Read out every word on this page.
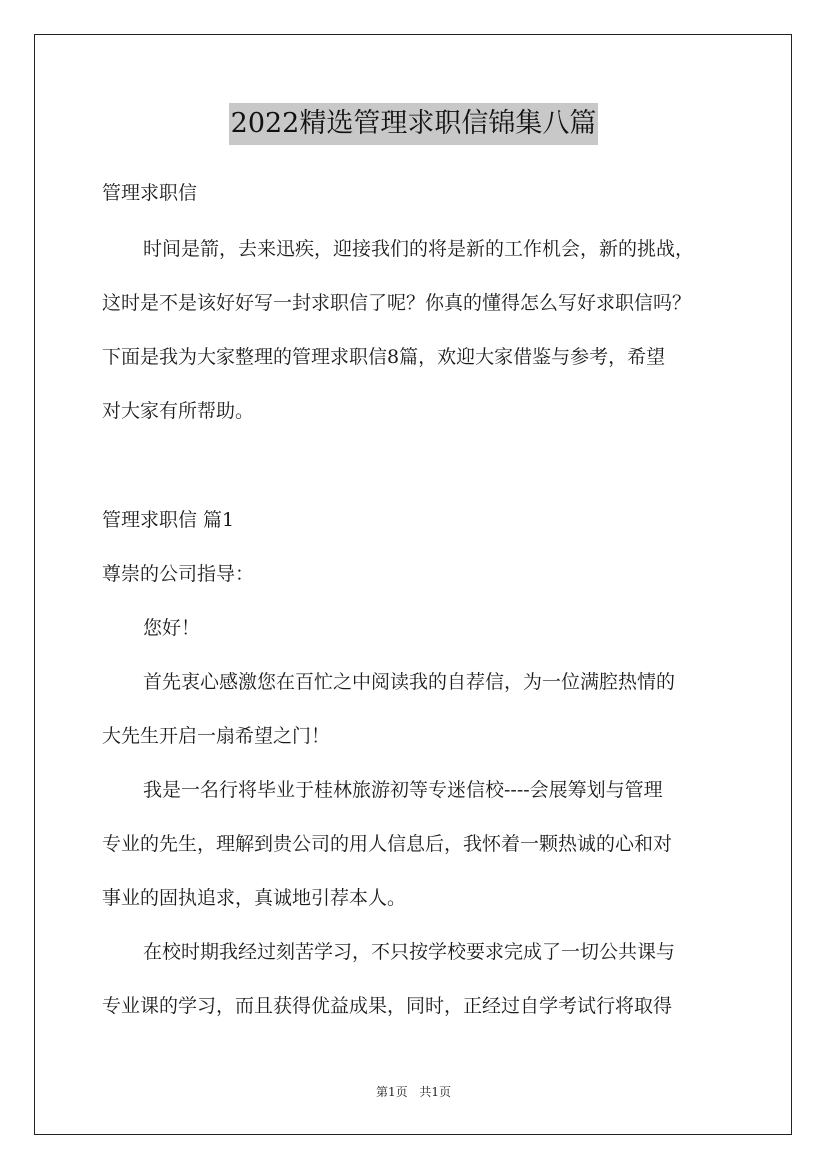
2022精选管理求职信锦集八篇
管理求职信
时间是箭，去来迅疾，迎接我们的将是新的工作机会，新的挑战，
这时是不是该好好写一封求职信了呢？你真的懂得怎么写好求职信吗？
下面是我为大家整理的管理求职信8篇，欢迎大家借鉴与参考，希望
对大家有所帮助。
管理求职信 篇1
尊崇的公司指导：
您好！
首先衷心感激您在百忙之中阅读我的自荐信，为一位满腔热情的
大先生开启一扇希望之门！
我是一名行将毕业于桂林旅游初等专迷信校----会展筹划与管理
专业的先生，理解到贵公司的用人信息后，我怀着一颗热诚的心和对
事业的固执追求，真诚地引荐本人。
在校时期我经过刻苦学习，不只按学校要求完成了一切公共课与
专业课的学习，而且获得优益成果，同时，正经过自学考试行将取得
第1页 共1页
